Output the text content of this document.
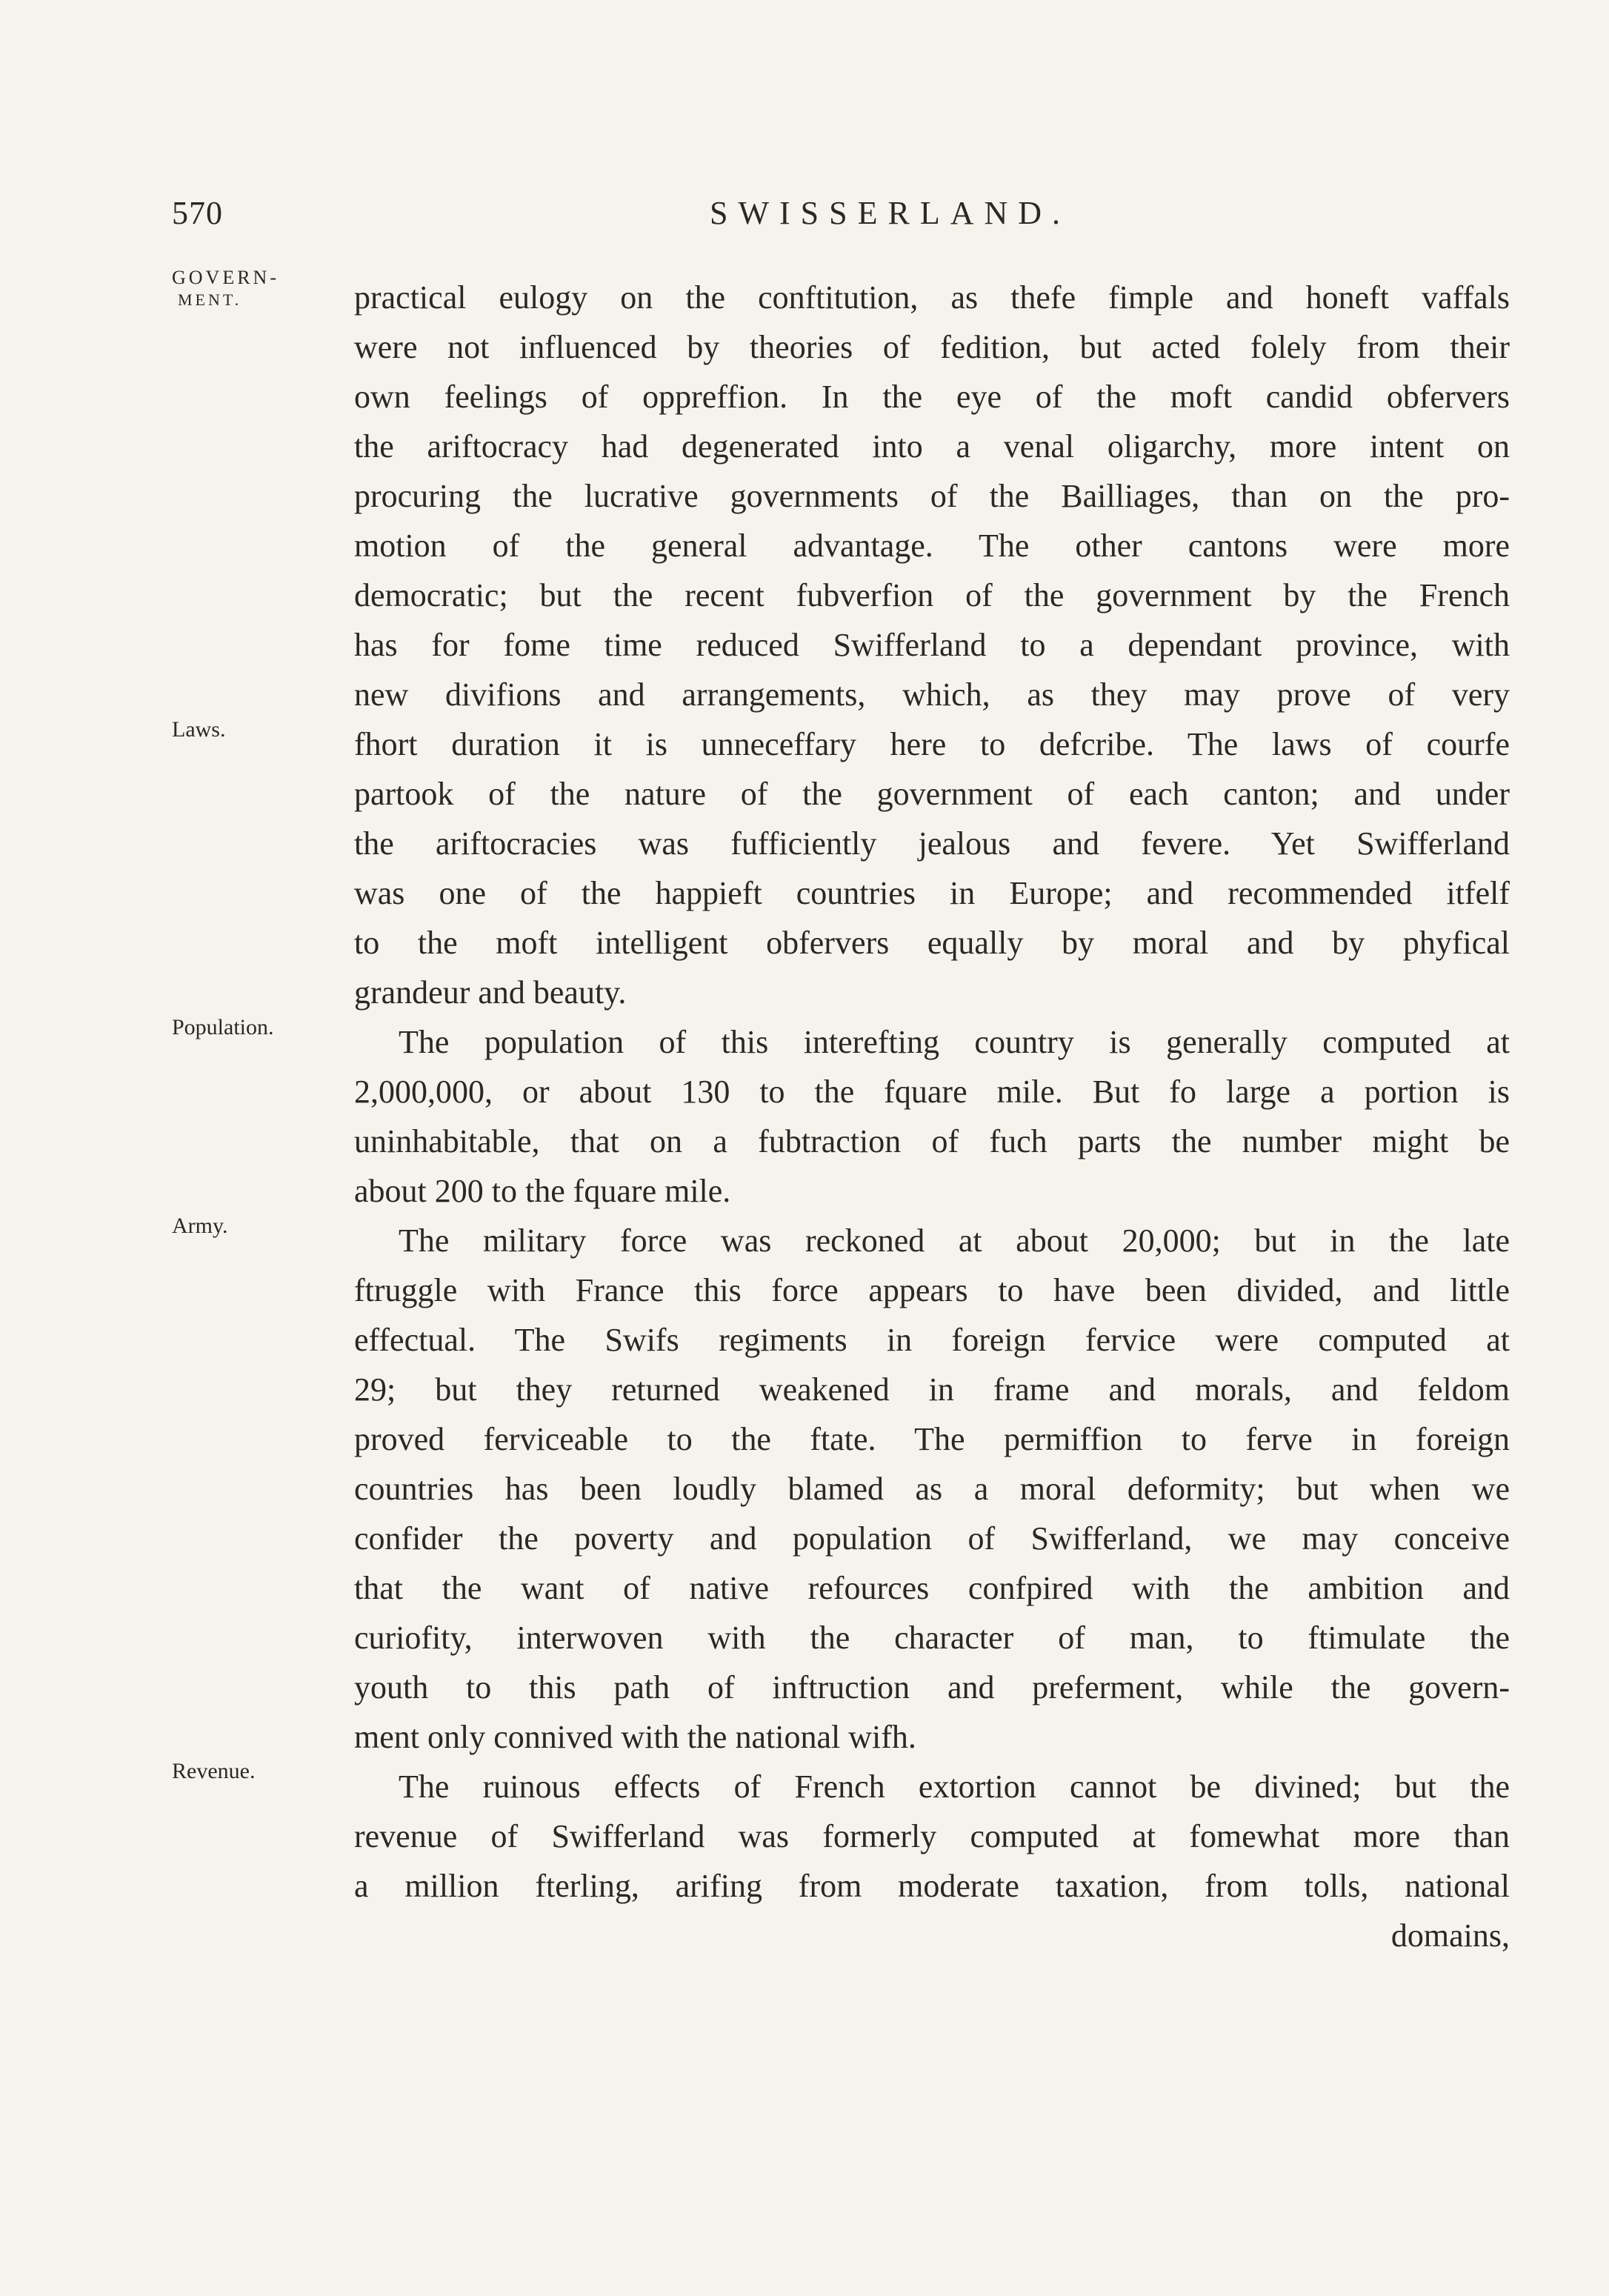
570	SWISSERLAND.
GOVERN-
MENT.
Laws.
Population.
Army.
Revenue.
practical eulogy on the conftitution, as thefe fimple and honeft vaffals
were not influenced by theories of fedition, but acted folely from their
own feelings of oppreffion. In the eye of the moft candid obfervers
the ariftocracy had degenerated into a venal oligarchy, more intent on
procuring the lucrative governments of the Bailliages, than on the pro-
motion of the general advantage. The other cantons were more
democratic; but the recent fubverfion of the government by the French
has for fome time reduced Swifferland to a dependant province, with
new divifions and arrangements, which, as they may prove of very
fhort duration it is unneceffary here to defcribe. The laws of courfe
partook of the nature of the government of each canton; and under
the ariftocracies was fufficiently jealous and fevere. Yet Swifferland
was one of the happieft countries in Europe; and recommended itfelf
to the moft intelligent obfervers equally by moral and by phyfical
grandeur and beauty.
The population of this interefting country is generally computed at
2,000,000, or about 130 to the fquare mile. But fo large a portion is
uninhabitable, that on a fubtraction of fuch parts the number might be
about 200 to the fquare mile.
The military force was reckoned at about 20,000; but in the late
ftruggle with France this force appears to have been divided, and little
effectual. The Swifs regiments in foreign fervice were computed at
29; but they returned weakened in frame and morals, and feldom
proved ferviceable to the ftate. The permiffion to ferve in foreign
countries has been loudly blamed as a moral deformity; but when we
confider the poverty and population of Swifferland, we may conceive
that the want of native refources confpired with the ambition and
curiofity, interwoven with the character of man, to ftimulate the
youth to this path of inftruction and preferment, while the govern-
ment only connived with the national wifh.
The ruinous effects of French extortion cannot be divined; but the
revenue of Swifferland was formerly computed at fomewhat more than
a million fterling, arifing from moderate taxation, from tolls, national
domains,
